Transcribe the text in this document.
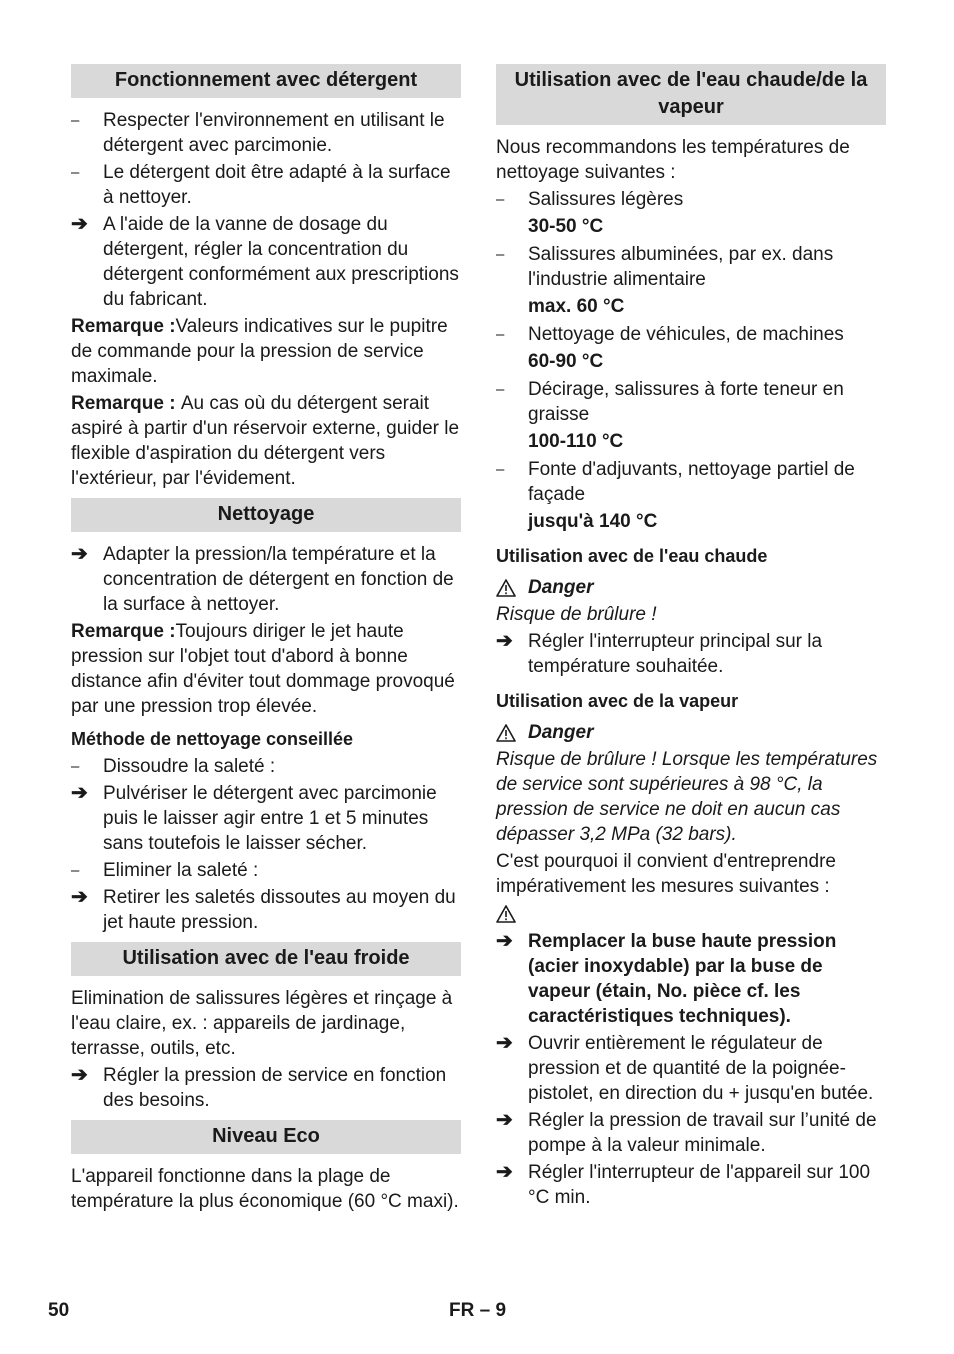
Fonctionnement avec détergent
–	Respecter l'environnement en utilisant le détergent avec parcimonie.
–	Le détergent doit être adapté à la surface à nettoyer.
➔ A l'aide de la vanne de dosage du détergent, régler la concentration du détergent conformément aux prescriptions du fabricant.

Remarque :Valeurs indicatives sur le pupitre de commande pour la pression de service maximale.

Remarque : Au cas où du détergent serait aspiré à partir d'un réservoir externe, guider le flexible d'aspiration du détergent vers l'extérieur, par l'évidement.

Nettoyage
➔ Adapter la pression/la température et la concentration de détergent en fonction de la surface à nettoyer.

Remarque :Toujours diriger le jet haute pression sur l'objet tout d'abord à bonne distance afin d'éviter tout dommage provoqué par une pression trop élevée.

Méthode de nettoyage conseillée
–	Dissoudre la saleté :
➔ Pulvériser le détergent avec parcimonie puis le laisser agir entre 1 et 5 minutes sans toutefois le laisser sécher.
–	Eliminer la saleté :
➔ Retirer les saletés dissoutes au moyen du jet haute pression.
Utilisation avec de l'eau froide

Elimination de salissures légères et rinçage à l'eau claire, ex. : appareils de jardinage, terrasse, outils, etc.

➔ Régler la pression de service en fonction des besoins.
Niveau Eco

L'appareil fonctionne dans la plage de température la plus économique (60 °C maxi).

Utilisation avec de l'eau chaude/de la vapeur

Nous recommandons les températures de nettoyage suivantes :

–	Salissures légères
30-50 °C
–	Salissures albuminées, par ex. dans l'industrie alimentaire
max. 60 °C
–	Nettoyage de véhicules, de machines
60-90 °C
–	Décirage, salissures à forte teneur en graisse
100-110 °C
–	Fonte d'adjuvants, nettoyage partiel de façade
jusqu'à 140 °C
Utilisation avec de l'eau chaude
Danger

Risque de brûlure !

➔ Régler l'interrupteur principal sur la température souhaitée.
Utilisation avec de la vapeur
Danger

Risque de brûlure ! Lorsque les températures de service sont supérieures à 98 °C, la pression de service ne doit en aucun cas dépasser 3,2 MPa (32 bars).

C'est pourquoi il convient d'entreprendre impérativement les mesures suivantes :

➔ Remplacer la buse haute pression (acier inoxydable) par la buse de vapeur (étain, No. pièce cf. les caractéristiques techniques).
➔ Ouvrir entièrement le régulateur de pression et de quantité de la poignée-pistolet, en direction du + jusqu'en butée.
➔ Régler la pression de travail sur l’unité de pompe à la valeur minimale.
➔ Régler l'interrupteur de l'appareil sur 100 °C min.
50	FR – 9
